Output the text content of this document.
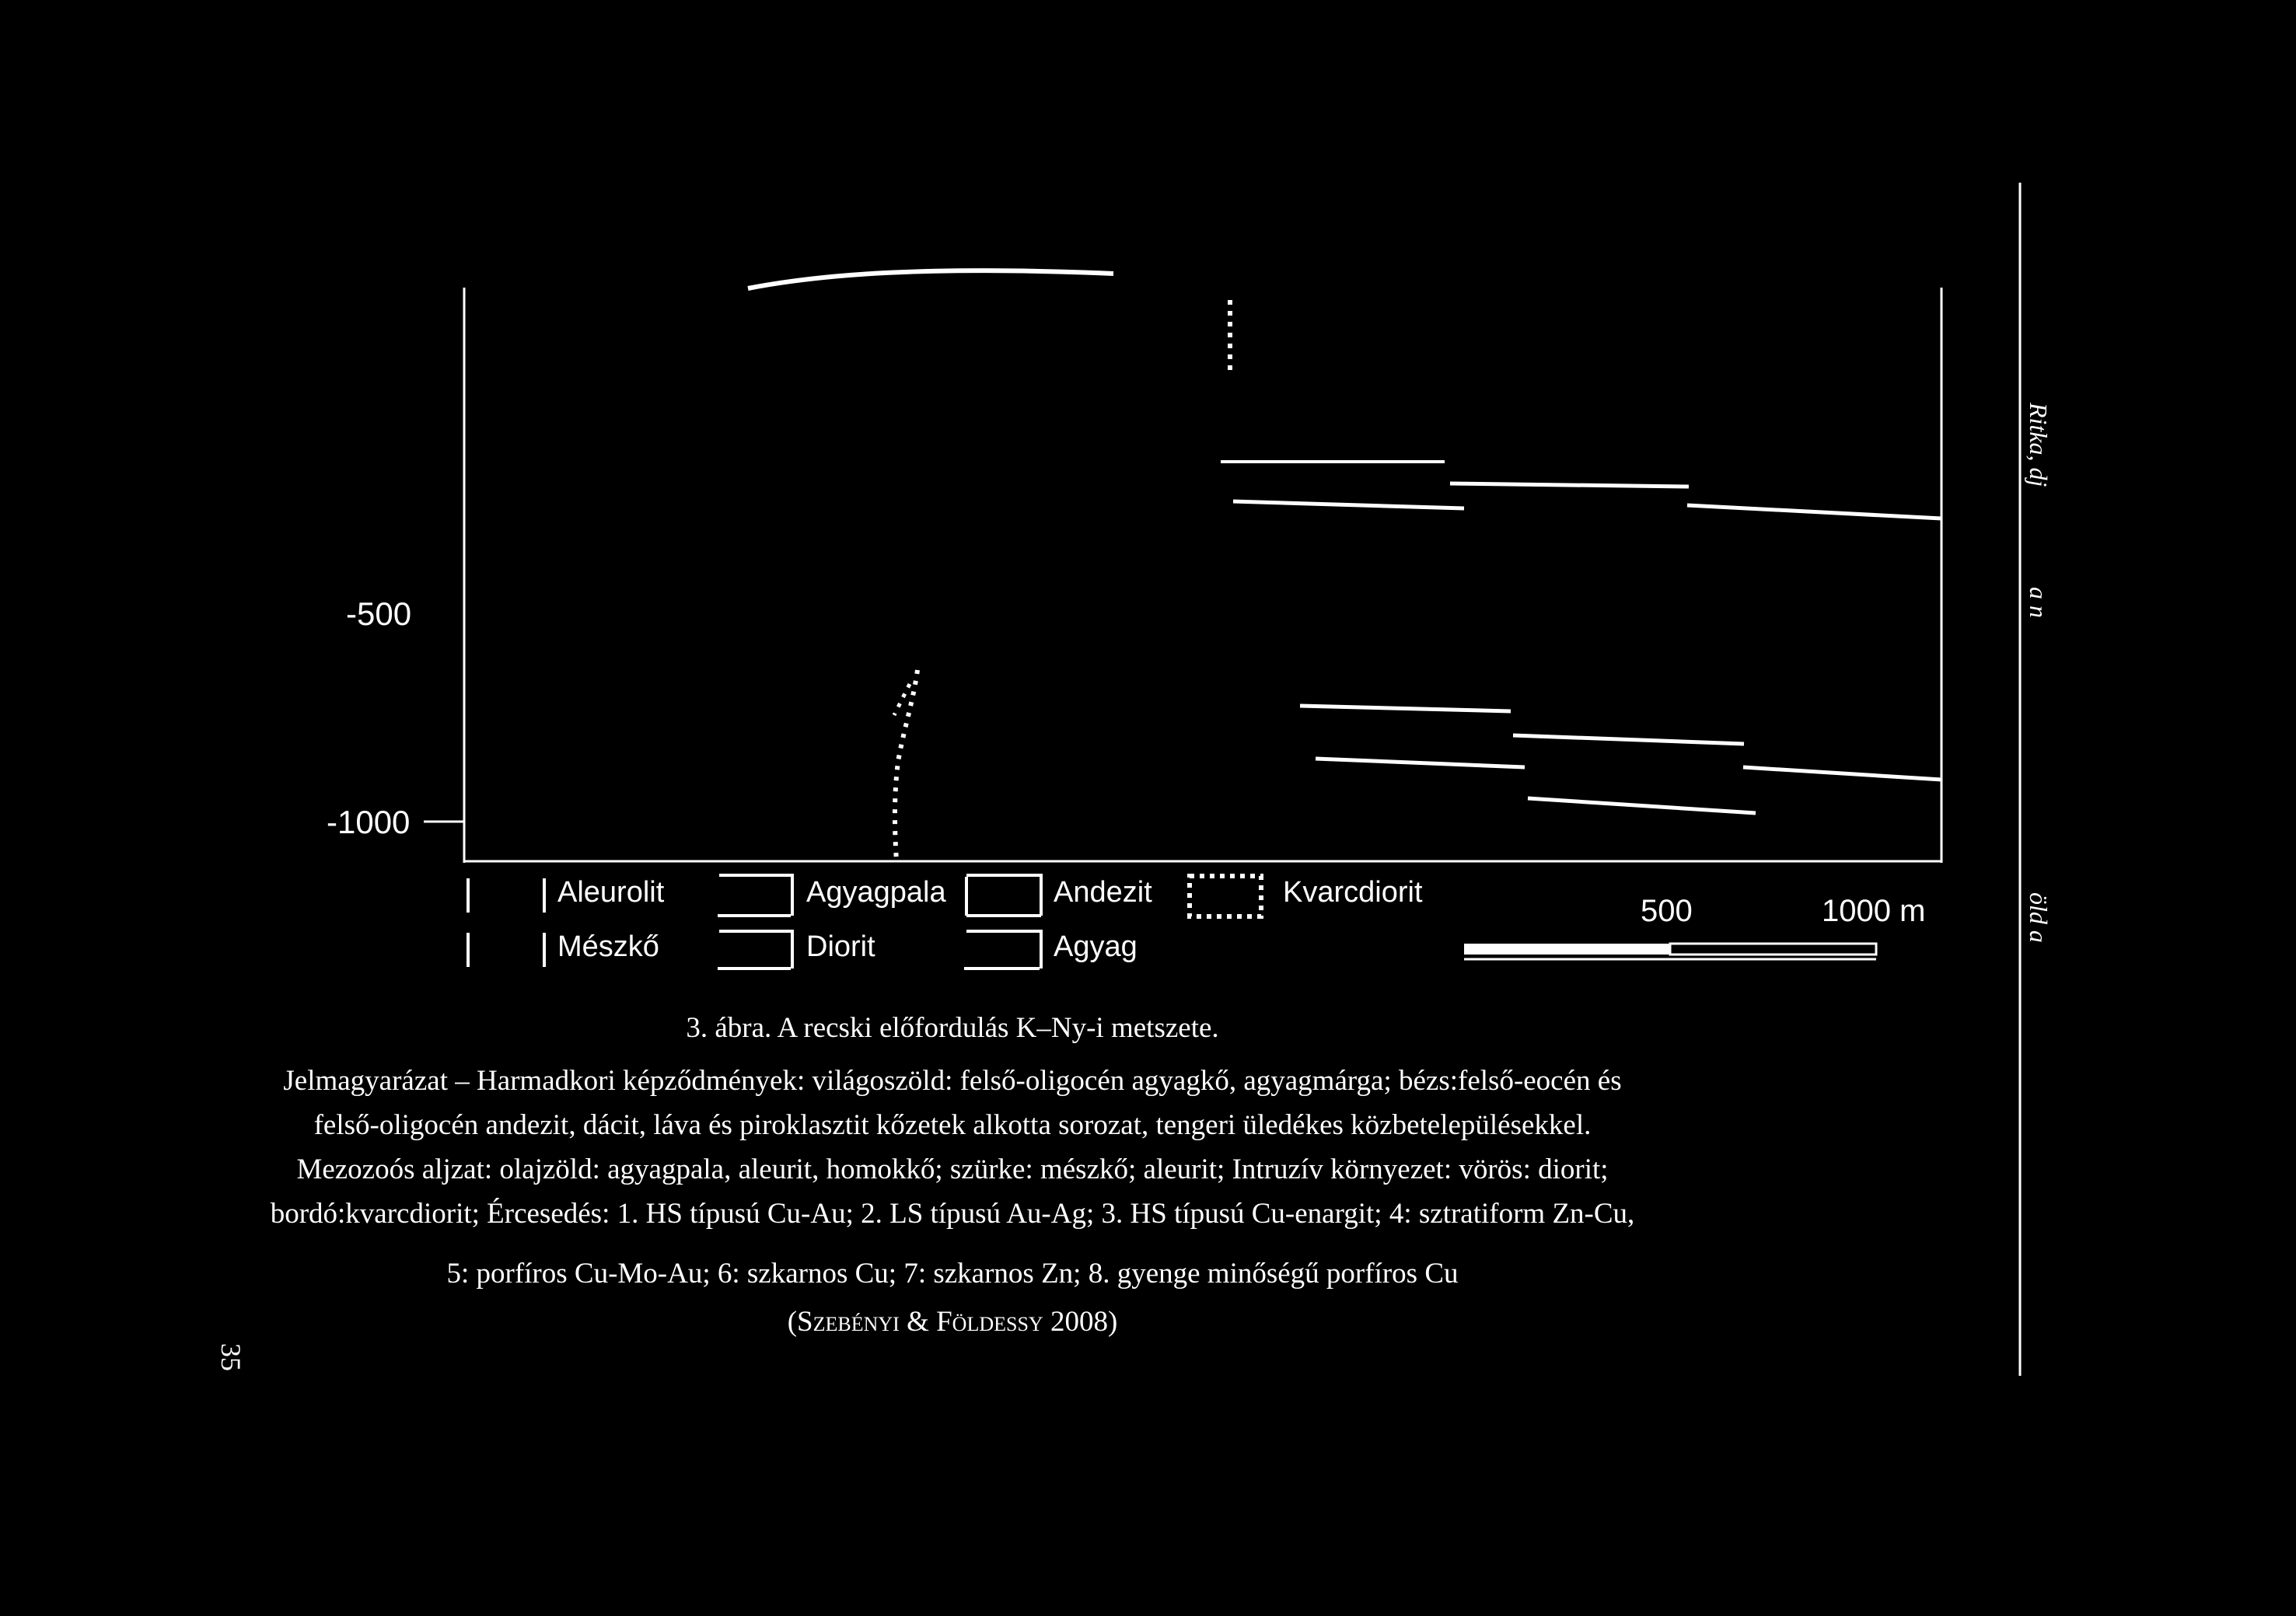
-500
-1000
Aleurolit	Agyagpala	Andezit	Kvarcdiorit
Mészkő	Diorit	Agyag
500	1000 m
3. ábra. A recski előfordulás K–Ny-i metszete.
Jelmagyarázat – Harmadkori képződmények: világoszöld: felső-oligocén agyagkő, agyagmárga; bézs:felső-eocén és
felső-oligocén andezit, dácit, láva és piroklasztit kőzetek alkotta sorozat, tengeri üledékes közbetelepülésekkel.
Mezozoós aljzat: olajzöld: agyagpala, aleurit, homokkő; szürke: mészkő; aleurit; Intruzív környezet: vörös: diorit;
bordó:kvarcdiorit; Ércesedés: 1. HS típusú Cu-Au; 2. LS típusú Au-Ag; 3. HS típusú Cu-enargit; 4: sztratiform Zn-Cu,
5: porfíros Cu-Mo-Au; 6: szkarnos Cu; 7: szkarnos Zn; 8. gyenge minőségű porfíros Cu
(Szebényi & Földessy 2008)
Ritka, dj
a n
öld a
35
